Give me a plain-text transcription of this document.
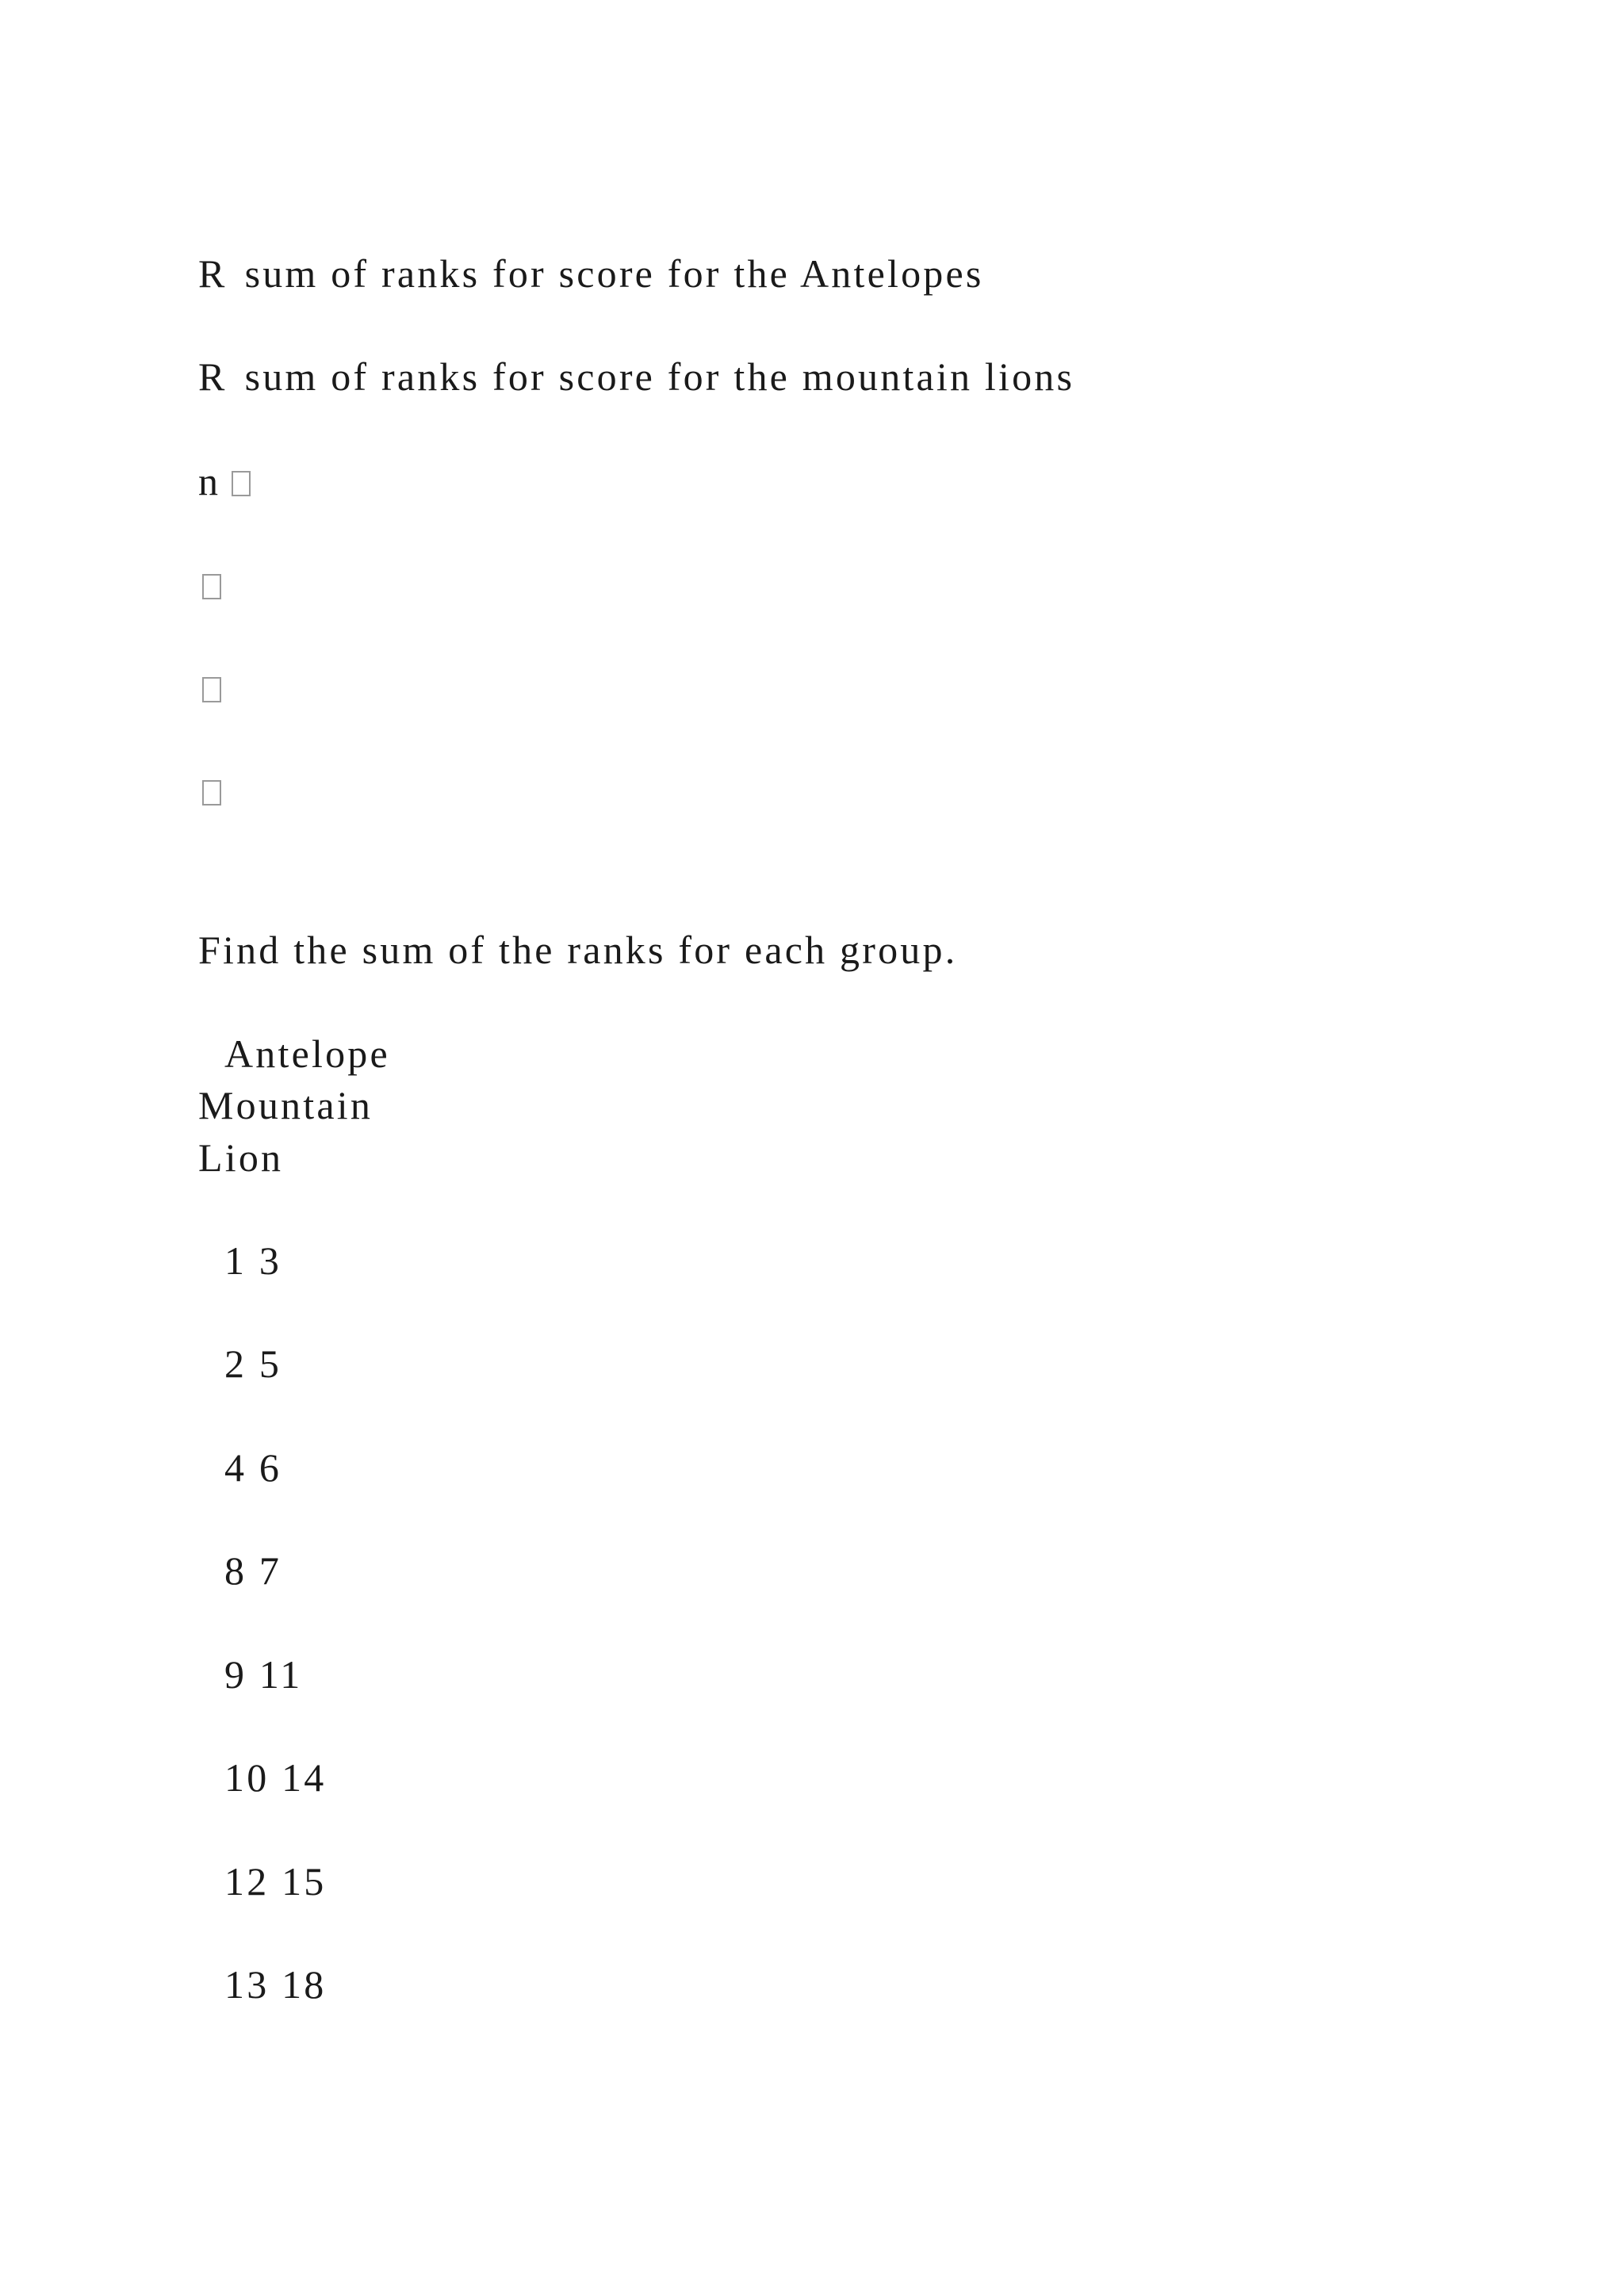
R sum of ranks for score for the Antelopes
R sum of ranks for score for the mountain lions
n
Find the sum of the ranks for each group.
Antelope
Mountain
Lion
1 3
2 5
4 6
8 7
9 11
10 14
12 15
13 18
